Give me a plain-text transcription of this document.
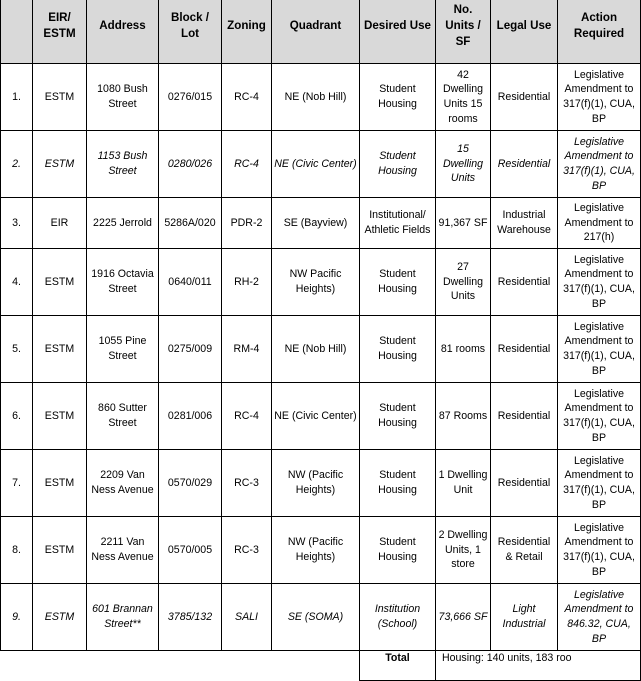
	EIR/ ESTM	Address	Block / Lot	Zoning	Quadrant	Desired Use	No. Units / SF	Legal Use	Action Required
1.	ESTM	1080 Bush Street	0276/015	RC-4	NE (Nob Hill)	Student Housing	42 Dwelling Units 15 rooms	Residential	Legislative Amendment to 317(f)(1), CUA, BP
2.	ESTM	1153 Bush Street	0280/026	RC-4	NE (Civic Center)	Student Housing	15 Dwelling Units	Residential	Legislative Amendment to 317(f)(1), CUA, BP
3.	EIR	2225 Jerrold	5286A/020	PDR-2	SE (Bayview)	Institutional/ Athletic Fields	91,367 SF	Industrial Warehouse	Legislative Amendment to 217(h)
4.	ESTM	1916 Octavia Street	0640/011	RH-2	NW Pacific Heights)	Student Housing	27 Dwelling Units	Residential	Legislative Amendment to 317(f)(1), CUA, BP
5.	ESTM	1055 Pine Street	0275/009	RM-4	NE (Nob Hill)	Student Housing	81 rooms	Residential	Legislative Amendment to 317(f)(1), CUA, BP
6.	ESTM	860 Sutter Street	0281/006	RC-4	NE (Civic Center)	Student Housing	87 Rooms	Residential	Legislative Amendment to 317(f)(1), CUA, BP
7.	ESTM	2209 Van Ness Avenue	0570/029	RC-3	NW (Pacific Heights)	Student Housing	1 Dwelling Unit	Residential	Legislative Amendment to 317(f)(1), CUA, BP
8.	ESTM	2211 Van Ness Avenue	0570/005	RC-3	NW (Pacific Heights)	Student Housing	2 Dwelling Units, 1 store	Residential & Retail	Legislative Amendment to 317(f)(1), CUA, BP
9.	ESTM	601 Brannan Street**	3785/132	SALI	SE (SOMA)	Institution (School)	73,666 SF	Light Industrial	Legislative Amendment to 846.32, CUA, BP
						Total	Housing: 140 units, 183 roo		
